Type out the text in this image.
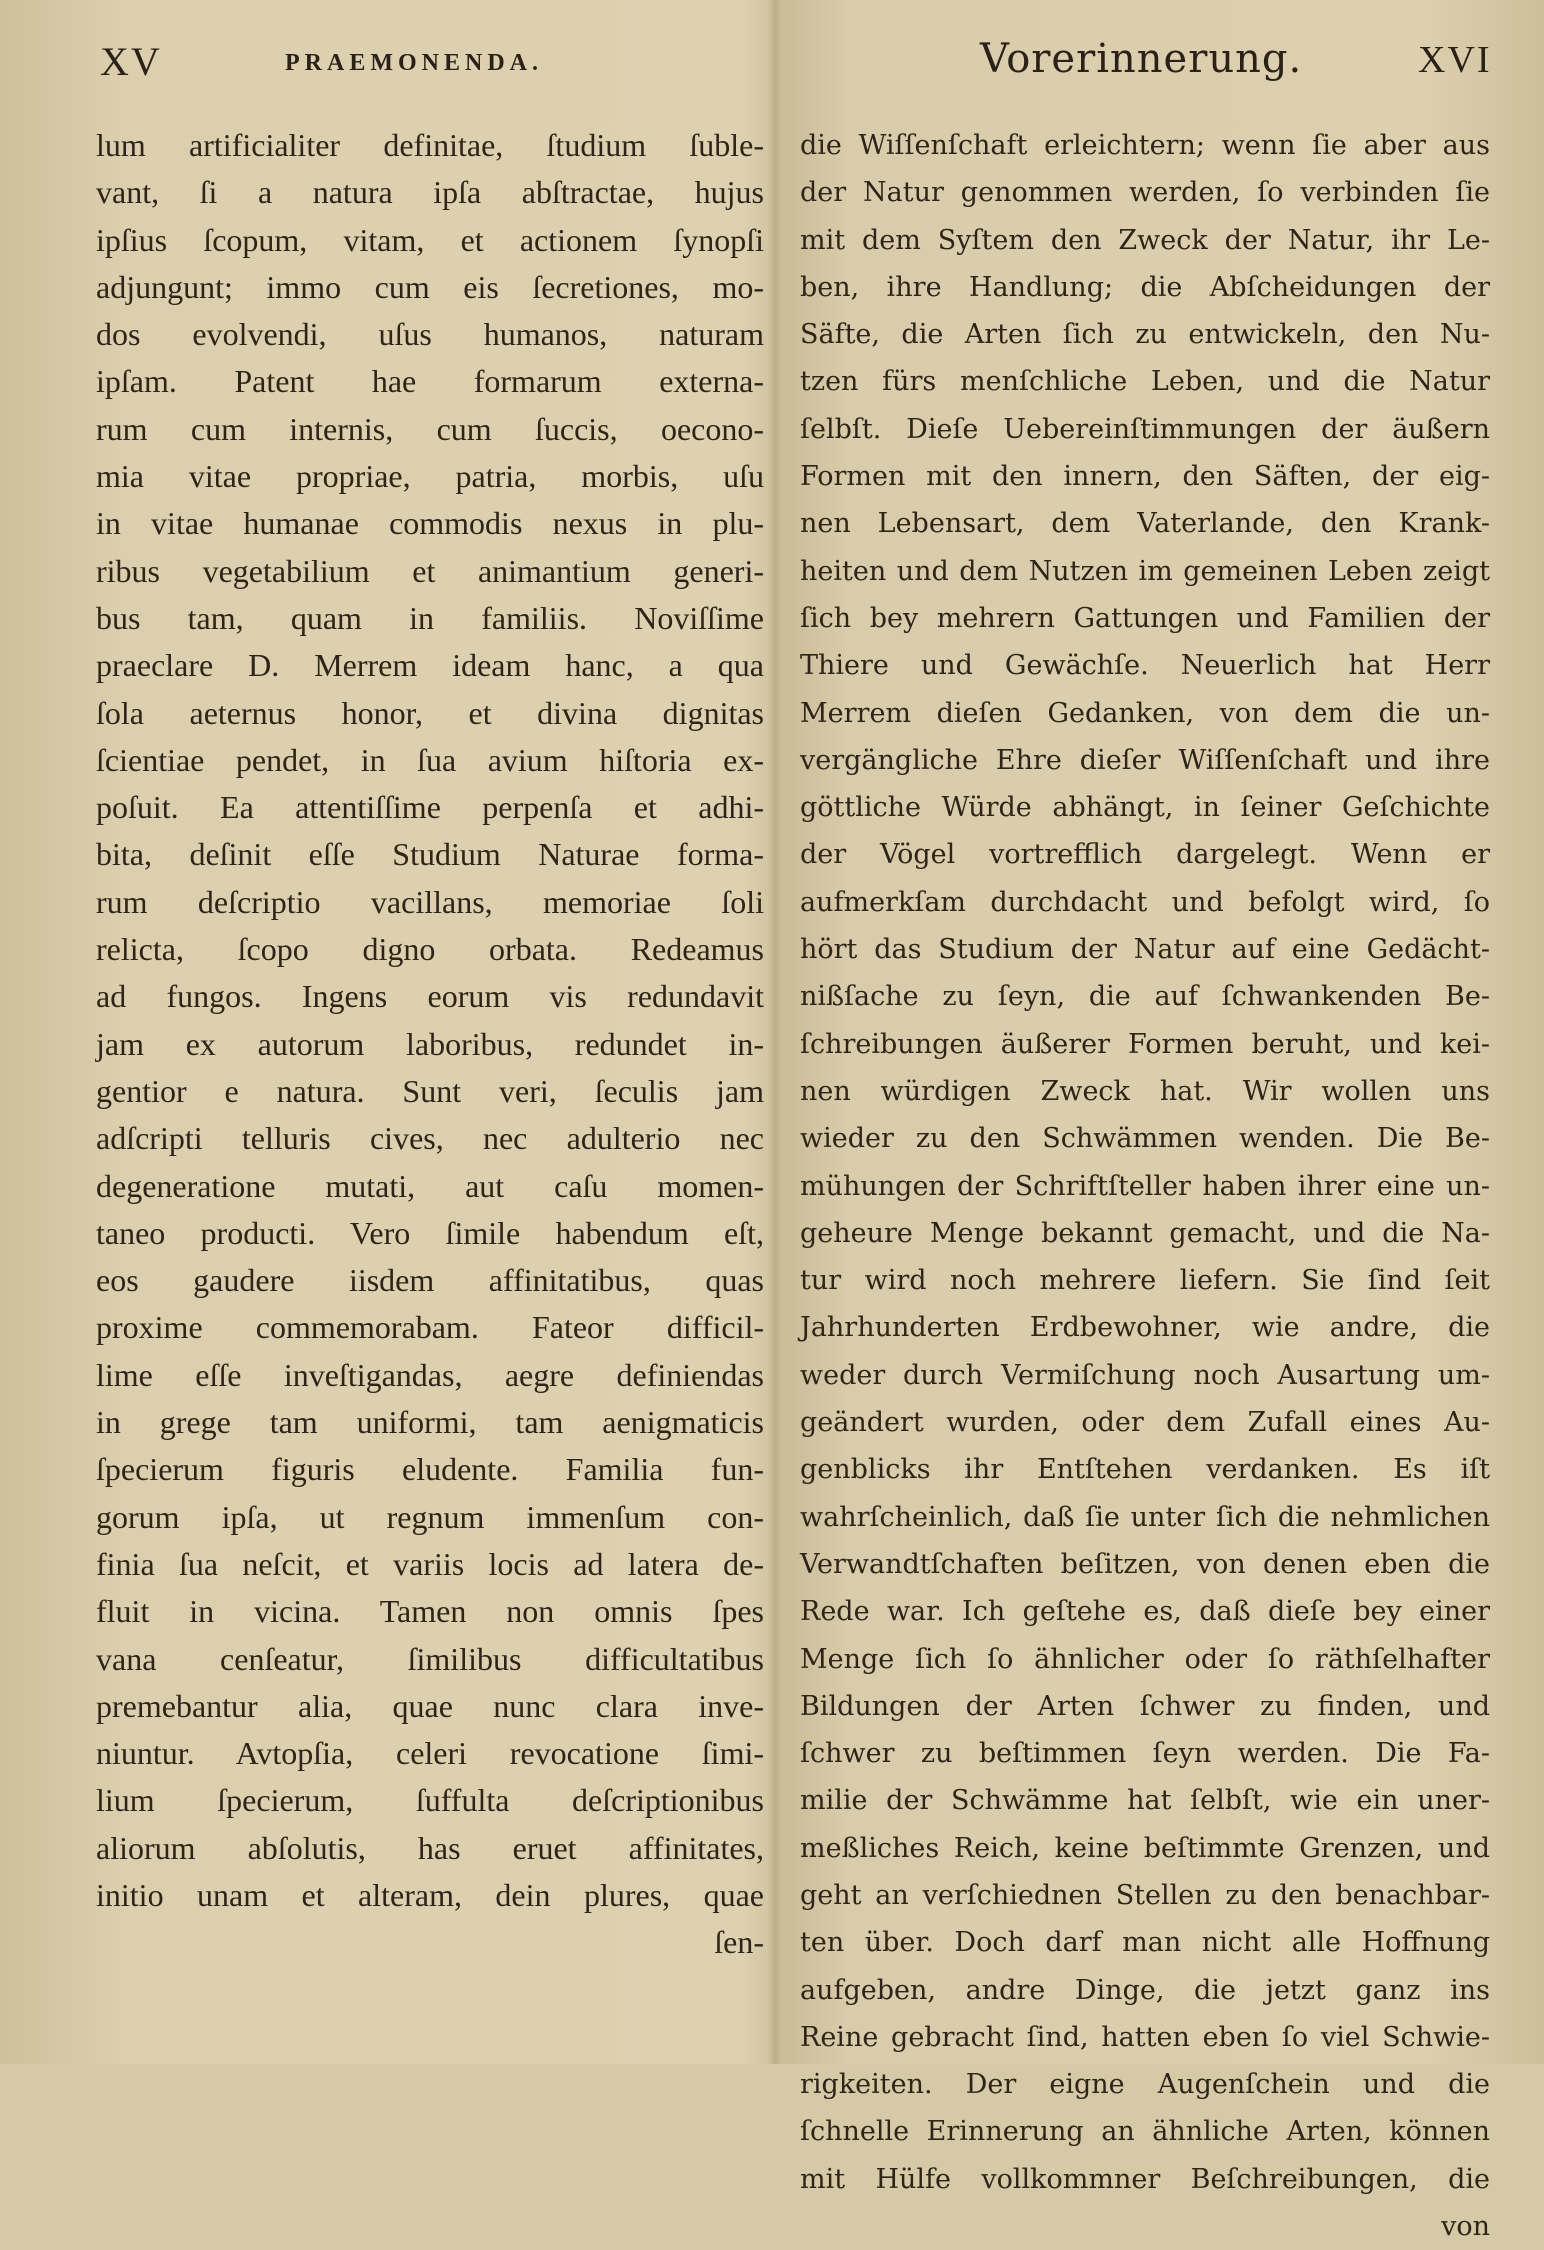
XV	PRAEMONENDA.	Vorerinnerung.	XVI
lum artificialiter definitae, ſtudium ſuble-
vant, ſi a natura ipſa abſtractae, hujus
ipſius ſcopum, vitam, et actionem ſynopſi
adjungunt; immo cum eis ſecretiones, mo-
dos evolvendi, uſus humanos, naturam
ipſam. Patent hae formarum externa-
rum cum internis, cum ſuccis, oecono-
mia vitae propriae, patria, morbis, uſu
in vitae humanae commodis nexus in plu-
ribus vegetabilium et animantium generi-
bus tam, quam in familiis. Noviſſime
praeclare D. Merrem ideam hanc, a qua
ſola aeternus honor, et divina dignitas
ſcientiae pendet, in ſua avium hiſtoria ex-
poſuit. Ea attentiſſime perpenſa et adhi-
bita, deſinit eſſe Studium Naturae forma-
rum deſcriptio vacillans, memoriae ſoli
relicta, ſcopo digno orbata. Redeamus
ad fungos. Ingens eorum vis redundavit
jam ex autorum laboribus, redundet in-
gentior e natura. Sunt veri, ſeculis jam
adſcripti telluris cives, nec adulterio nec
degeneratione mutati, aut caſu momen-
taneo producti. Vero ſimile habendum eſt,
eos gaudere iisdem affinitatibus, quas
proxime commemorabam. Fateor difficil-
lime eſſe inveſtigandas, aegre definiendas
in grege tam uniformi, tam aenigmaticis
ſpecierum figuris eludente. Familia fun-
gorum ipſa, ut regnum immenſum con-
finia ſua neſcit, et variis locis ad latera de-
fluit in vicina. Tamen non omnis ſpes
vana cenſeatur, ſimilibus difficultatibus
premebantur alia, quae nunc clara inve-
niuntur. Avtopſia, celeri revocatione ſimi-
lium ſpecierum, ſuffulta deſcriptionibus
aliorum abſolutis, has eruet affinitates,
initio unam et alteram, dein plures, quae
ſen-
die Wiſſenſchaft erleichtern; wenn ſie aber aus
der Natur genommen werden, ſo verbinden ſie
mit dem Syſtem den Zweck der Natur, ihr Le-
ben, ihre Handlung; die Abſcheidungen der
Säfte, die Arten ſich zu entwickeln, den Nu-
tzen fürs menſchliche Leben, und die Natur
ſelbſt. Dieſe Uebereinſtimmungen der äußern
Formen mit den innern, den Säften, der eig-
nen Lebensart, dem Vaterlande, den Krank-
heiten und dem Nutzen im gemeinen Leben zeigt
ſich bey mehrern Gattungen und Familien der
Thiere und Gewächſe. Neuerlich hat Herr
Merrem dieſen Gedanken, von dem die un-
vergängliche Ehre dieſer Wiſſenſchaft und ihre
göttliche Würde abhängt, in ſeiner Geſchichte
der Vögel vortrefflich dargelegt. Wenn er
aufmerkſam durchdacht und befolgt wird, ſo
hört das Studium der Natur auf eine Gedächt-
nißſache zu ſeyn, die auf ſchwankenden Be-
ſchreibungen äußerer Formen beruht, und kei-
nen würdigen Zweck hat. Wir wollen uns
wieder zu den Schwämmen wenden. Die Be-
mühungen der Schriftſteller haben ihrer eine un-
geheure Menge bekannt gemacht, und die Na-
tur wird noch mehrere liefern. Sie ſind ſeit
Jahrhunderten Erdbewohner, wie andre, die
weder durch Vermiſchung noch Ausartung um-
geändert wurden, oder dem Zufall eines Au-
genblicks ihr Entſtehen verdanken. Es iſt
wahrſcheinlich, daß ſie unter ſich die nehmlichen
Verwandtſchaften beſitzen, von denen eben die
Rede war. Ich geſtehe es, daß dieſe bey einer
Menge ſich ſo ähnlicher oder ſo räthſelhafter
Bildungen der Arten ſchwer zu finden, und
ſchwer zu beſtimmen ſeyn werden. Die Fa-
milie der Schwämme hat ſelbſt, wie ein uner-
meßliches Reich, keine beſtimmte Grenzen, und
geht an verſchiednen Stellen zu den benachbar-
ten über. Doch darf man nicht alle Hoffnung
aufgeben, andre Dinge, die jetzt ganz ins
Reine gebracht ſind, hatten eben ſo viel Schwie-
rigkeiten. Der eigne Augenſchein und die
ſchnelle Erinnerung an ähnliche Arten, können
mit Hülfe vollkommner Beſchreibungen, die
von
